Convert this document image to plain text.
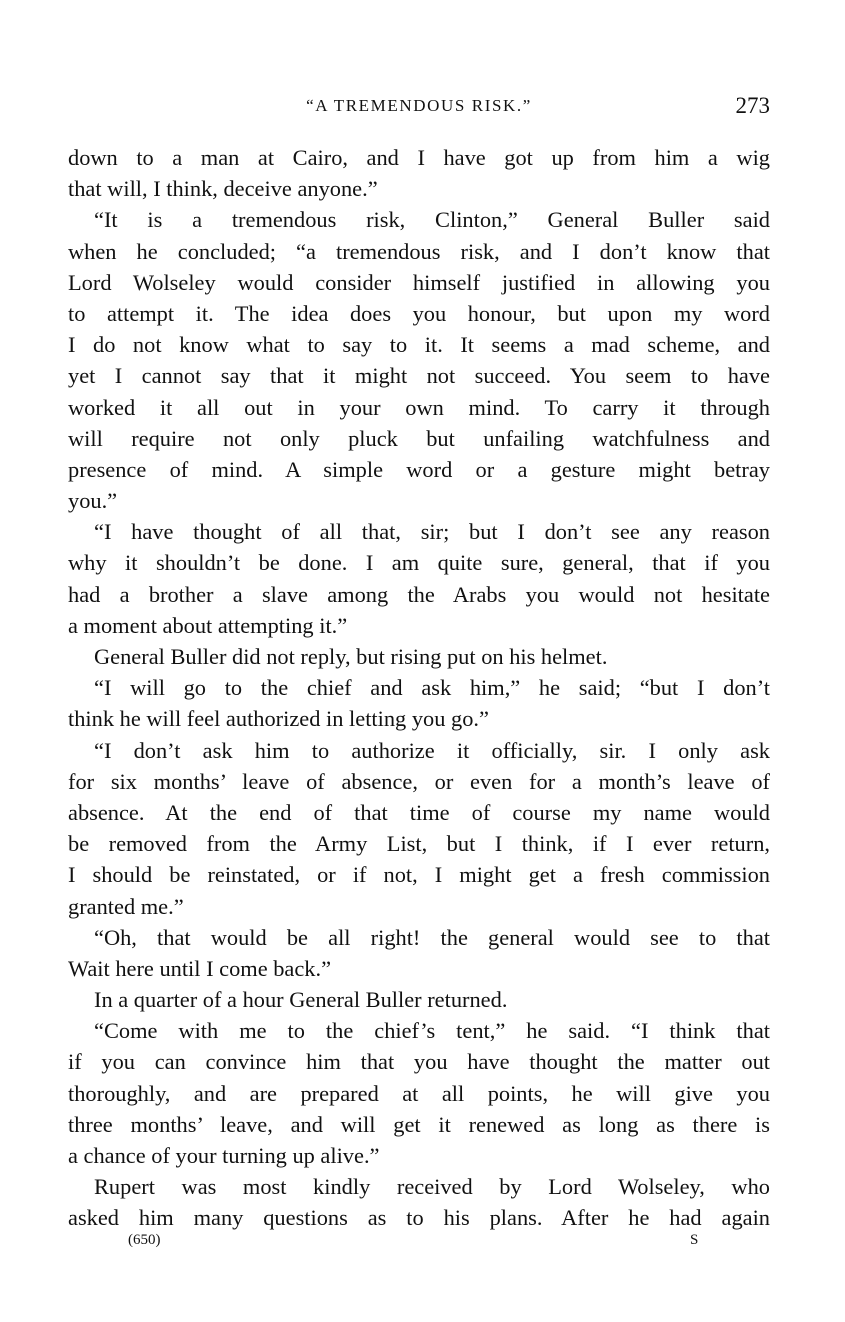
“A TREMENDOUS RISK.”	273
down to a man at Cairo, and I have got up from him a wig
that will, I think, deceive anyone.”
“It is a tremendous risk, Clinton,” General Buller said
when he concluded; “a tremendous risk, and I don’t know that
Lord Wolseley would consider himself justified in allowing you
to attempt it. The idea does you honour, but upon my word
I do not know what to say to it. It seems a mad scheme, and
yet I cannot say that it might not succeed. You seem to have
worked it all out in your own mind. To carry it through
will require not only pluck but unfailing watchfulness and
presence of mind. A simple word or a gesture might betray
you.”
“I have thought of all that, sir; but I don’t see any reason
why it shouldn’t be done. I am quite sure, general, that if you
had a brother a slave among the Arabs you would not hesitate
a moment about attempting it.”
General Buller did not reply, but rising put on his helmet.
“I will go to the chief and ask him,” he said; “but I don’t
think he will feel authorized in letting you go.”
“I don’t ask him to authorize it officially, sir. I only ask
for six months’ leave of absence, or even for a month’s leave of
absence. At the end of that time of course my name would
be removed from the Army List, but I think, if I ever return,
I should be reinstated, or if not, I might get a fresh commission
granted me.”
“Oh, that would be all right! the general would see to that
Wait here until I come back.”
In a quarter of a hour General Buller returned.
“Come with me to the chief’s tent,” he said. “I think that
if you can convince him that you have thought the matter out
thoroughly, and are prepared at all points, he will give you
three months’ leave, and will get it renewed as long as there is
a chance of your turning up alive.”
Rupert was most kindly received by Lord Wolseley, who
asked him many questions as to his plans. After he had again
(650)	S
